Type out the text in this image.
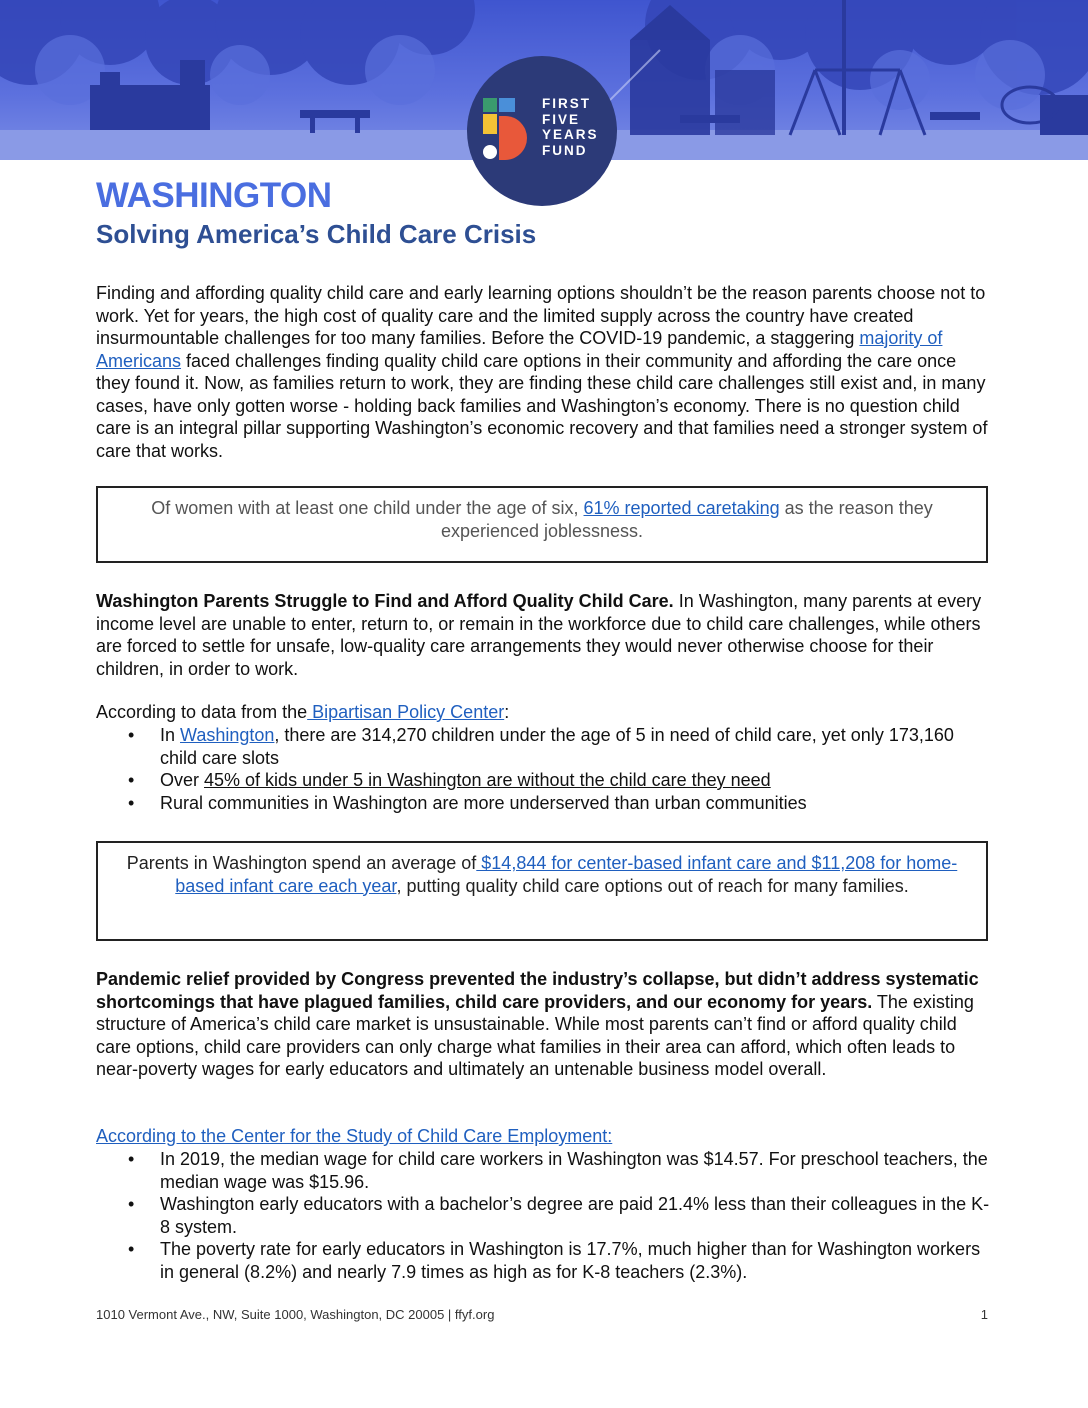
FIRST
FIVE
YEARS
FUND
WASHINGTON
Solving America’s Child Care Crisis

Finding and affording quality child care and early learning options shouldn’t be the reason parents choose not to work. Yet for years, the high cost of quality care and the limited supply across the country have created insurmountable challenges for too many families. Before the COVID-19 pandemic, a staggering majority of Americans faced challenges finding quality child care options in their community and affording the care once they found it. Now, as families return to work, they are finding these child care challenges still exist and, in many cases, have only gotten worse - holding back families and Washington’s economy. There is no question child care is an integral pillar supporting Washington’s economic recovery and that families need a stronger system of care that works.

Of women with at least one child under the age of six, 61% reported caretaking as the reason they experienced joblessness.

Washington Parents Struggle to Find and Afford Quality Child Care. In Washington, many parents at every income level are unable to enter, return to, or remain in the workforce due to child care challenges, while others are forced to settle for unsafe, low-quality care arrangements they would never otherwise choose for their children, in order to work.

According to data from the Bipartisan Policy Center:

• In Washington, there are 314,270 children under the age of 5 in need of child care, yet only 173,160 child care slots
• Over 45% of kids under 5 in Washington are without the child care they need
• Rural communities in Washington are more underserved than urban communities
Parents in Washington spend an average of $14,844 for center-based infant care and $11,208 for home-based infant care each year, putting quality child care options out of reach for many families.

Pandemic relief provided by Congress prevented the industry’s collapse, but didn’t address systematic shortcomings that have plagued families, child care providers, and our economy for years. The existing structure of America’s child care market is unsustainable. While most parents can’t find or afford quality child care options, child care providers can only charge what families in their area can afford, which often leads to near-poverty wages for early educators and ultimately an untenable business model overall.

According to the Center for the Study of Child Care Employment:

• In 2019, the median wage for child care workers in Washington was $14.57. For preschool teachers, the median wage was $15.96.
• Washington early educators with a bachelor’s degree are paid 21.4% less than their colleagues in the K-8 system.
• The poverty rate for early educators in Washington is 17.7%, much higher than for Washington workers in general (8.2%) and nearly 7.9 times as high as for K-8 teachers (2.3%).
1010 Vermont Ave., NW, Suite 1000, Washington, DC 20005 | ffyf.org	1
